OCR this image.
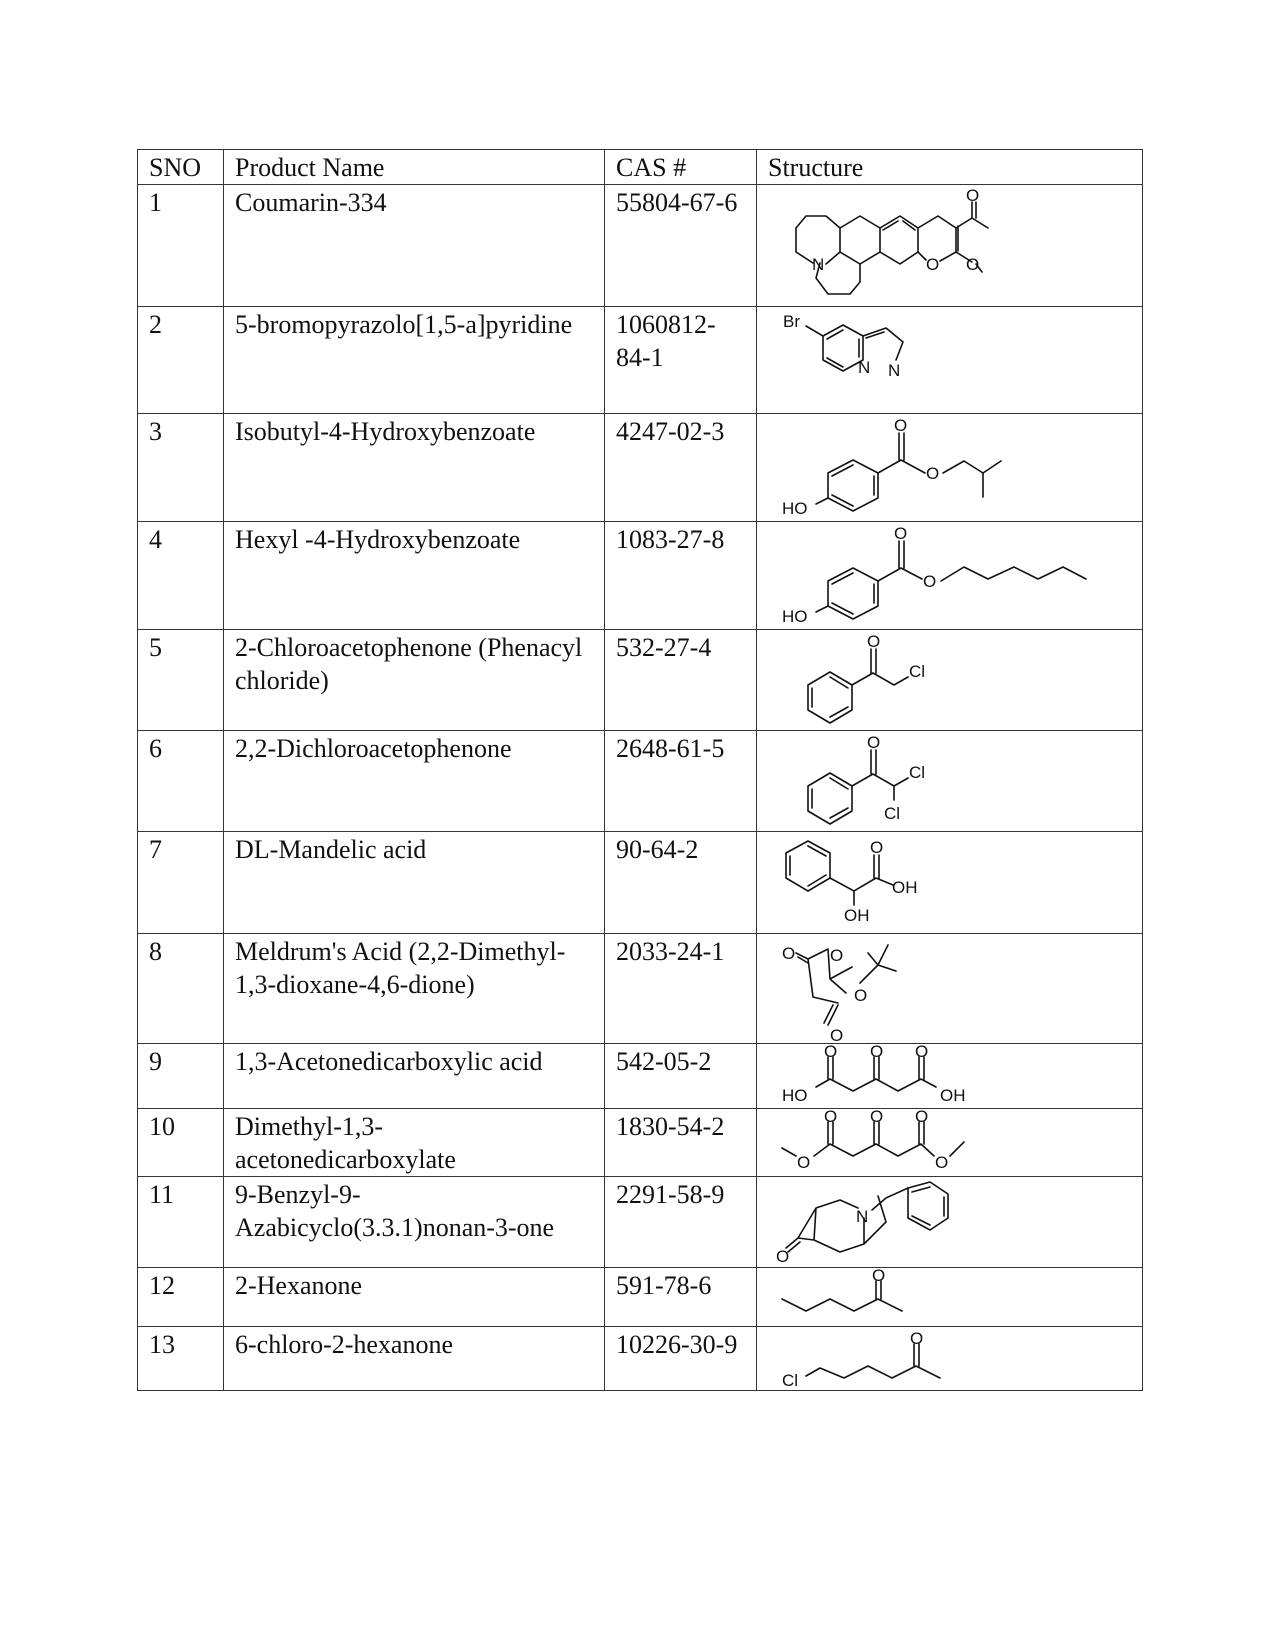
SNO	Product Name	CAS #	Structure
1	Coumarin-334	55804-67-6	N O O
O

2	5-bromopyrazolo[1,5-a]pyridine	1060812-84-1	Br
N N

3	Isobutyl-4-Hydroxybenzoate	4247-02-3	HO
O
O

4	Hexyl -4-Hydroxybenzoate	1083-27-8	HO
O
O

5	2-Chloroacetophenone (Phenacyl chloride)	532-27-4	O
Cl

6	2,2-Dichloroacetophenone	2648-61-5	O
Cl
Cl

7	DL-Mandelic acid	90-64-2	O
OH
OH

8	Meldrum's Acid (2,2-Dimethyl-1,3-dioxane-4,6-dione)	2033-24-1	O O
O
O

9	1,3-Acetonedicarboxylic acid	542-05-2	O O O
HO OH

10	Dimethyl-1,3-acetonedicarboxylate	1830-54-2	O O O
O O

11	9-Benzyl-9-Azabicyclo(3.3.1)nonan-3-one	2291-58-9	N
O

12	2-Hexanone	591-78-6	O

13	6-chloro-2-hexanone	10226-30-9	Cl
O
